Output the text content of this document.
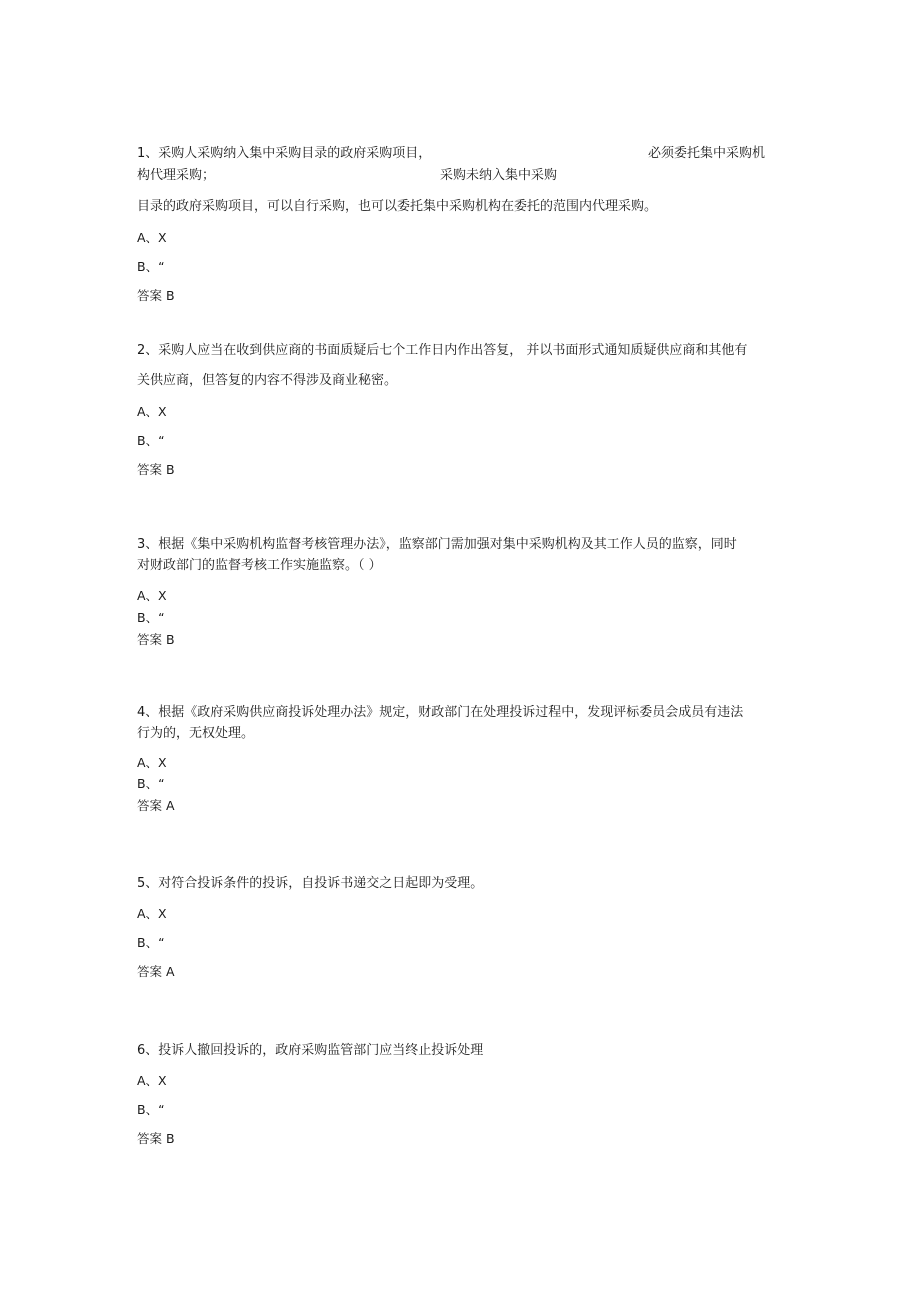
1、采购人采购纳入集中采购目录的政府采购项目，	必须委托集中采购机
构代理采购；	采购未纳入集中采购
目录的政府采购项目，可以自行采购，也可以委托集中采购机构在委托的范围内代理采购。
A、X
B、“
答案 B
2、采购人应当在收到供应商的书面质疑后七个工作日内作出答复， 并以书面形式通知质疑供应商和其他有
关供应商，但答复的内容不得涉及商业秘密。
A、X
B、“
答案 B
3、根据《集中采购机构监督考核管理办法》，监察部门需加强对集中采购机构及其工作人员的监察，同时
对财政部门的监督考核工作实施监察。（ ）
A、X
B、“
答案 B
4、根据《政府采购供应商投诉处理办法》规定，财政部门在处理投诉过程中，发现评标委员会成员有违法
行为的，无权处理。
A、X
B、“
答案 A
5、对符合投诉条件的投诉，自投诉书递交之日起即为受理。
A、X
B、“
答案 A
6、投诉人撤回投诉的，政府采购监管部门应当终止投诉处理
A、X
B、“
答案 B
